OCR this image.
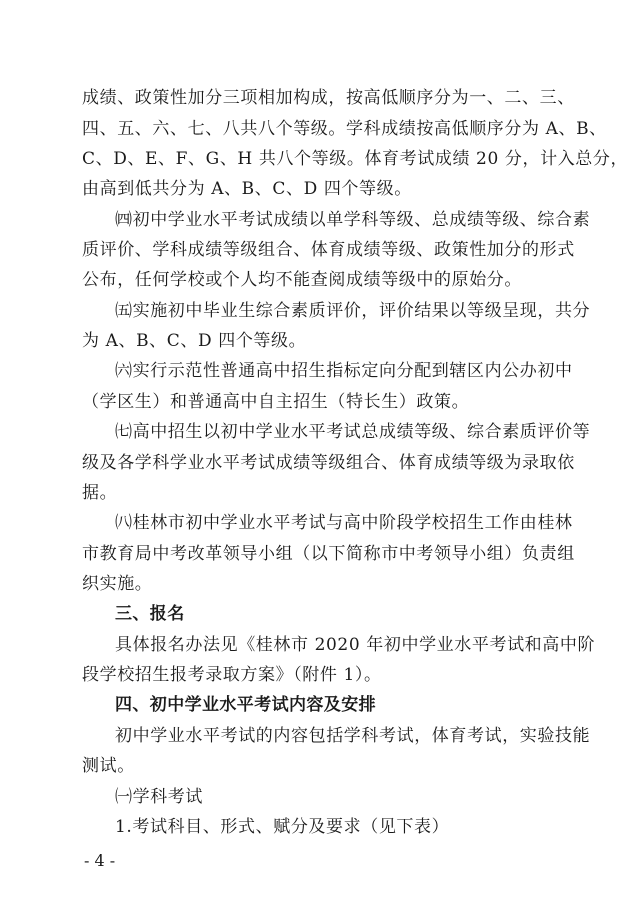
成绩、政策性加分三项相加构成，按高低顺序分为一、二、三、
四、五、六、七、八共八个等级。学科成绩按高低顺序分为 A、B、
C、D、E、F、G、H 共八个等级。体育考试成绩 20 分，计入总分，
由高到低共分为 A、B、C、D 四个等级。
㈣初中学业水平考试成绩以单学科等级、总成绩等级、综合素
质评价、学科成绩等级组合、体育成绩等级、政策性加分的形式
公布，任何学校或个人均不能查阅成绩等级中的原始分。
㈤实施初中毕业生综合素质评价，评价结果以等级呈现，共分
为 A、B、C、D 四个等级。
㈥实行示范性普通高中招生指标定向分配到辖区内公办初中
（学区生）和普通高中自主招生（特长生）政策。
㈦高中招生以初中学业水平考试总成绩等级、综合素质评价等
级及各学科学业水平考试成绩等级组合、体育成绩等级为录取依
据。
㈧桂林市初中学业水平考试与高中阶段学校招生工作由桂林
市教育局中考改革领导小组（以下简称市中考领导小组）负责组
织实施。
三、报名
具体报名办法见《桂林市 2020 年初中学业水平考试和高中阶
段学校招生报考录取方案》（附件 1）。
四、初中学业水平考试内容及安排
初中学业水平考试的内容包括学科考试，体育考试，实验技能
测试。
㈠学科考试
1.考试科目、形式、赋分及要求（见下表）
- 4 -
